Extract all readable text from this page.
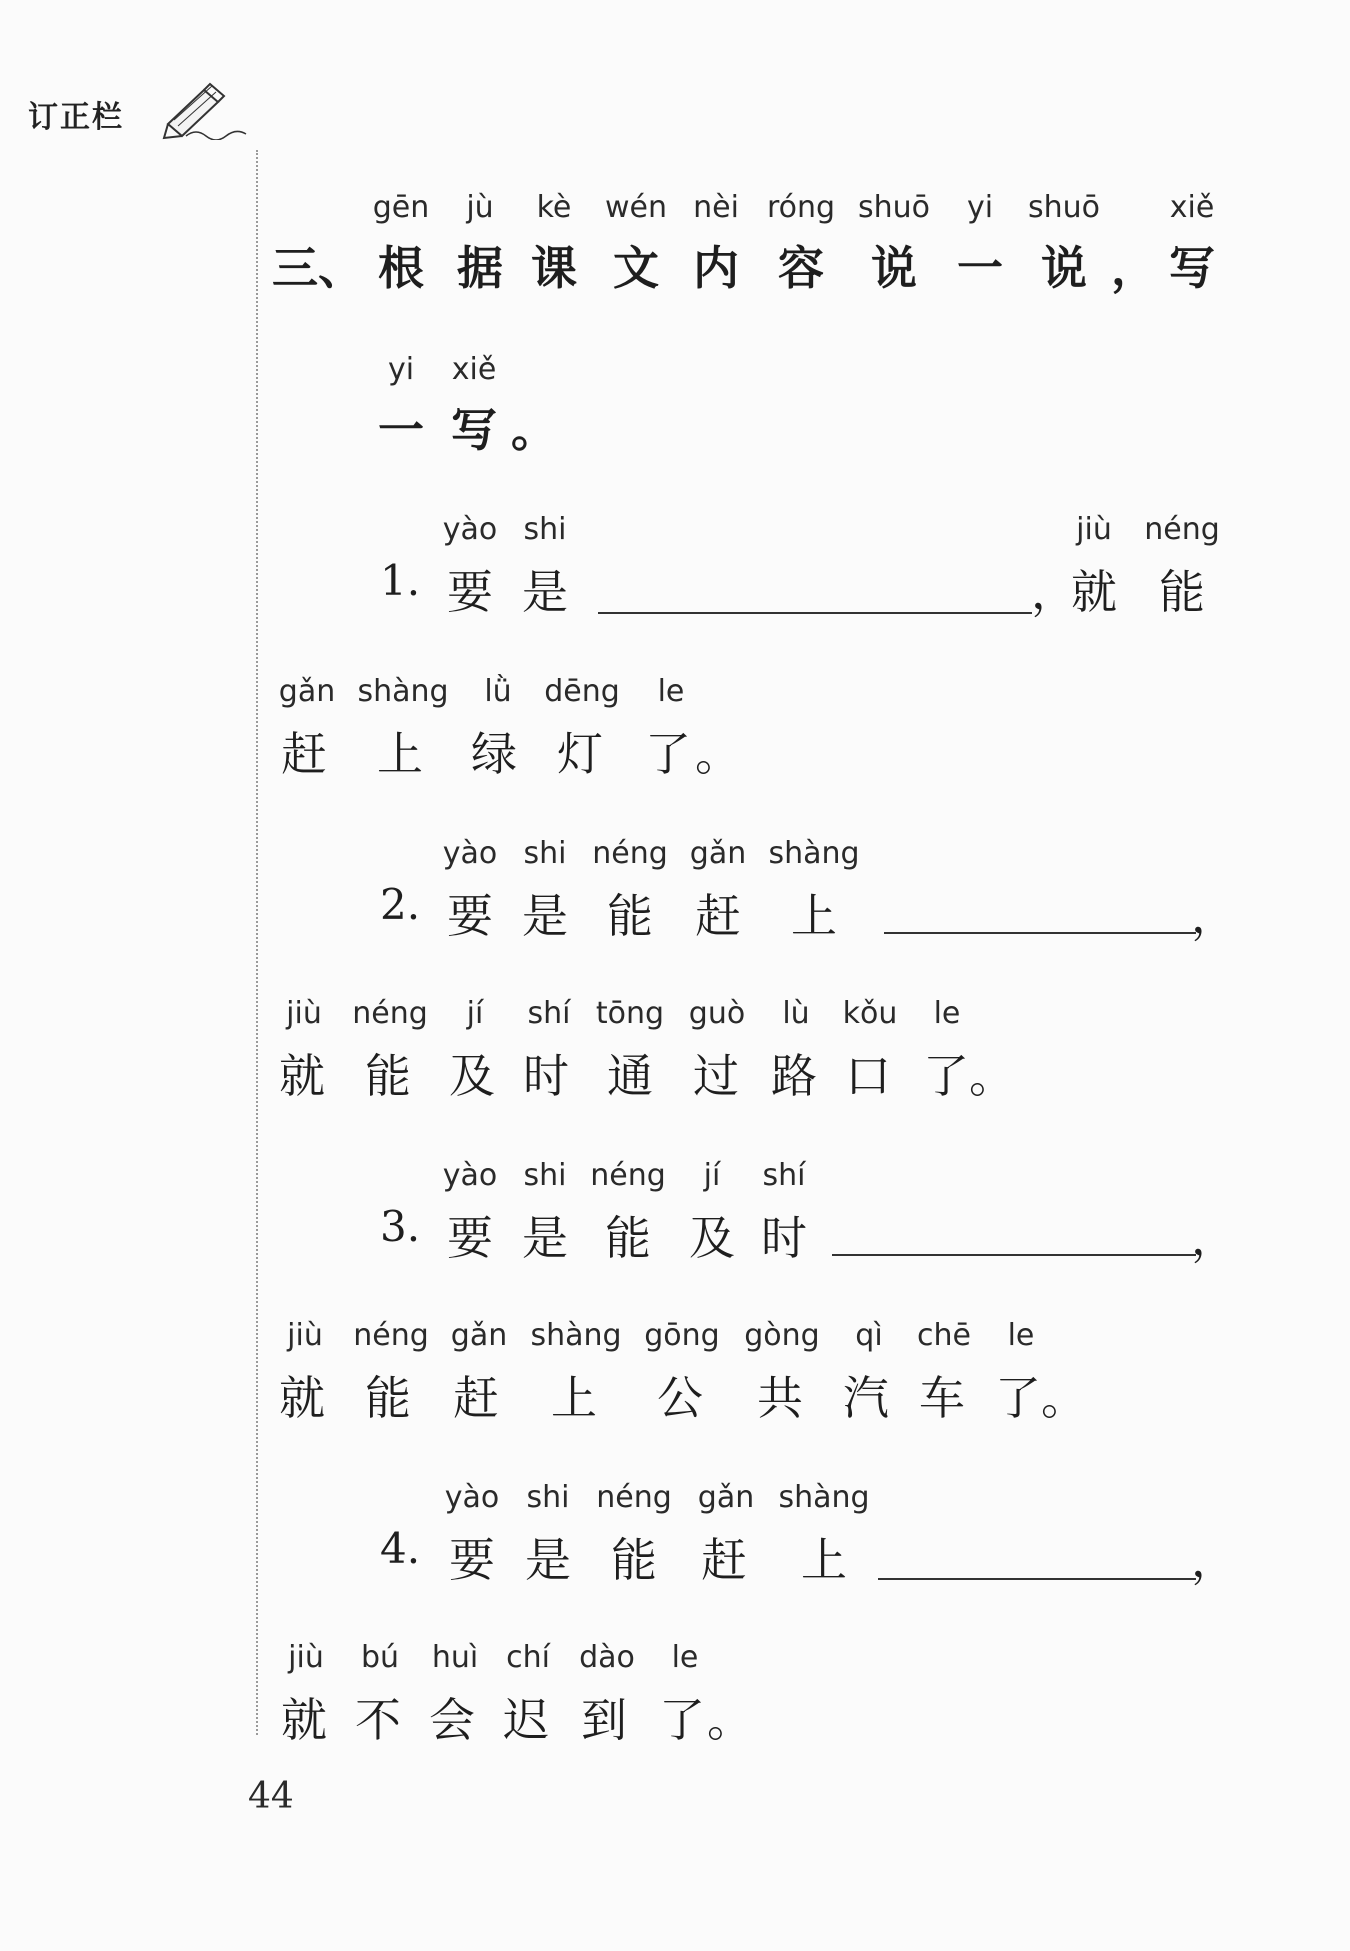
订正栏
三、
gēn
根
jù
据
kè
课
wén
文
nèi
内
róng
容
shuō
说
yi
一
shuō
说 ，
xiě
写
yi
一
xiě
写 。
1.
yào
要
shi
是	，
jiù
就
néng
能
gǎn
赶
shàng
上
lǜ
绿
dēng
灯
le
了 。
2.
yào
要
shi
是
néng
能
gǎn
赶
shàng
上	，
jiù
就
néng
能
jí
及
shí
时
tōng
通
guò
过
lù
路
kǒu
口
le
了 。
3.
yào
要
shi
是
néng
能
jí
及
shí
时	，
jiù
就
néng
能
gǎn
赶
shàng
上
gōng
公
gòng
共
qì
汽
chē
车
le
了 。
4.
yào
要
shi
是
néng
能
gǎn
赶
shàng
上	，
jiù
就
bú
不
huì
会
chí
迟
dào
到
le
了 。
44
